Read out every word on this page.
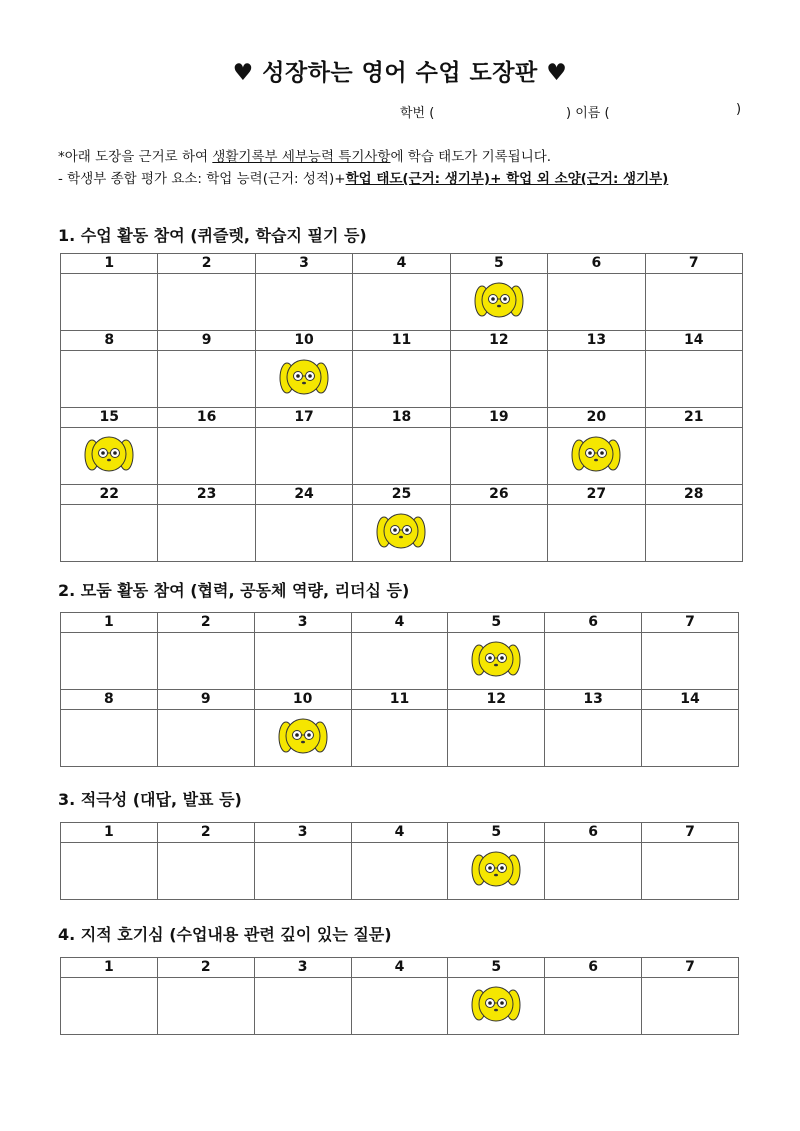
♥ 성장하는 영어 수업 도장판 ♥
학번 (	) 이름 (	)
*아래 도장을 근거로 하여 생활기록부 세부능력 특기사항에 학습 태도가 기록됩니다.
- 학생부 종합 평가 요소: 학업 능력(근거: 성적)+학업 태도(근거: 생기부)+ 학업 외 소양(근거: 생기부)
1. 수업 활동 참여 (퀴즐렛, 학습지 필기 등)
1	2	3	4	5	6	7

8	9	10	11	12	13	14

15	16	17	18	19	20	21

22	23	24	25	26	27	28

2. 모둠 활동 참여 (협력, 공동체 역량, 리더십 등)
1	2	3	4	5	6	7

8	9	10	11	12	13	14

3. 적극성 (대답, 발표 등)
1	2	3	4	5	6	7

4. 지적 호기심 (수업내용 관련 깊이 있는 질문)
1	2	3	4	5	6	7
